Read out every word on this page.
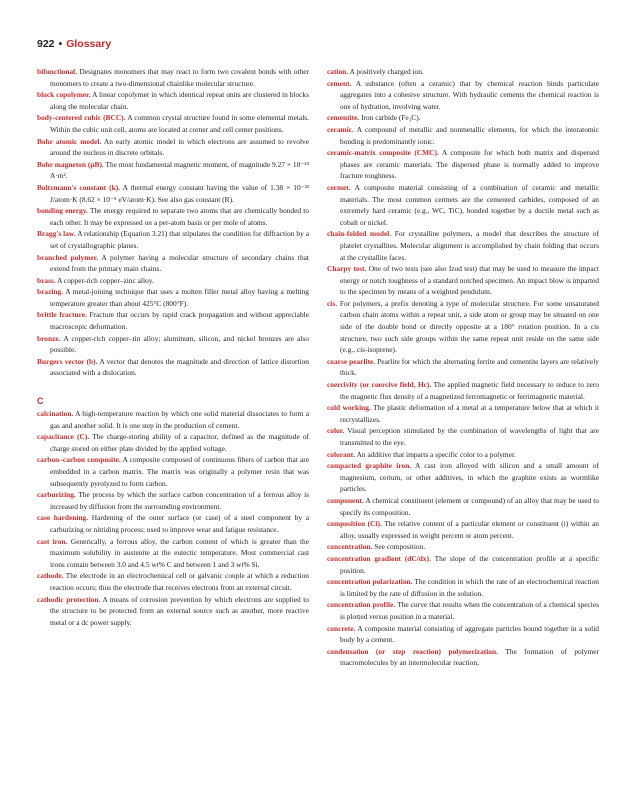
922 • Glossary
bifunctional. Designates monomers that may react to form two covalent bonds with other monomers to create a two-dimensional chainlike molecular structure.
block copolymer. A linear copolymer in which identical repeat units are clustered in blocks along the molecular chain.
body-centered cubic (BCC). A common crystal structure found in some elemental metals. Within the cubic unit cell, atoms are located at corner and cell center positions.
Bohr atomic model. An early atomic model in which electrons are assumed to revolve around the nucleus in discrete orbitals.
Bohr magneton (μB). The most fundamental magnetic moment, of magnitude 9.27 × 10⁻²⁴ A·m².
Boltzmann's constant (k). A thermal energy constant having the value of 1.38 × 10⁻²³ J/atom·K (8.62 × 10⁻⁵ eV/atom·K). See also gas constant (R).
bonding energy. The energy required to separate two atoms that are chemically bonded to each other. It may be expressed on a per-atom basis or per mole of atoms.
Bragg's law. A relationship (Equation 3.21) that stipulates the condition for diffraction by a set of crystallographic planes.
branched polymer. A polymer having a molecular structure of secondary chains that extend from the primary main chains.
brass. A copper-rich copper–zinc alloy.
brazing. A metal-joining technique that uses a molten filler metal alloy having a melting temperature greater than about 425°C (800°F).
brittle fracture. Fracture that occurs by rapid crack propagation and without appreciable macroscopic deformation.
bronze. A copper-rich copper–tin alloy; aluminum, silicon, and nickel bronzes are also possible.
Burgers vector (b). A vector that denotes the magnitude and direction of lattice distortion associated with a dislocation.
C
calcination. A high-temperature reaction by which one solid material dissociates to form a gas and another solid. It is one step in the production of cement.
capacitance (C). The charge-storing ability of a capacitor, defined as the magnitude of charge stored on either plate divided by the applied voltage.
carbon–carbon composite. A composite composed of continuous fibers of carbon that are embedded in a carbon matrix. The matrix was originally a polymer resin that was subsequently pyrolyzed to form carbon.
carburizing. The process by which the surface carbon concentration of a ferrous alloy is increased by diffusion from the surrounding environment.
case hardening. Hardening of the outer surface (or case) of a steel component by a carburizing or nitriding process; used to improve wear and fatigue resistance.
cast iron. Generically, a ferrous alloy, the carbon content of which is greater than the maximum solubility in austenite at the eutectic temperature. Most commercial cast irons contain between 3.0 and 4.5 wt% C and between 1 and 3 wt% Si.
cathode. The electrode in an electrochemical cell or galvanic couple at which a reduction reaction occurs; thus the electrode that receives electrons from an external circuit.
cathodic protection. A means of corrosion prevention by which electrons are supplied to the structure to be protected from an external source such as another, more reactive metal or a dc power supply.
cation. A positively charged ion.
cement. A substance (often a ceramic) that by chemical reaction binds particulate aggregates into a cohesive structure. With hydraulic cements the chemical reaction is one of hydration, involving water.
cementite. Iron carbide (Fe₃C).
ceramic. A compound of metallic and nonmetallic elements, for which the interatomic bonding is predominantly ionic.
ceramic-matrix composite (CMC). A composite for which both matrix and dispersed phases are ceramic materials. The dispersed phase is normally added to improve fracture toughness.
cermet. A composite material consisting of a combination of ceramic and metallic materials. The most common cermets are the cemented carbides, composed of an extremely hard ceramic (e.g., WC, TiC), bonded together by a ductile metal such as cobalt or nickel.
chain-folded model. For crystalline polymers, a model that describes the structure of platelet crystallites. Molecular alignment is accomplished by chain folding that occurs at the crystallite faces.
Charpy test. One of two tests (see also Izod test) that may be used to measure the impact energy or notch toughness of a standard notched specimen. An impact blow is imparted to the specimen by means of a weighted pendulum.
cis. For polymers, a prefix denoting a type of molecular structure. For some unsaturated carbon chain atoms within a repeat unit, a side atom or group may be situated on one side of the double bond or directly opposite at a 180° rotation position. In a cis structure, two such side groups within the same repeat unit reside on the same side (e.g., cis-isoprene).
coarse pearlite. Pearlite for which the alternating ferrite and cementite layers are relatively thick.
coercivity (or coercive field, Hc). The applied magnetic field necessary to reduce to zero the magnetic flux density of a magnetized ferromagnetic or ferrimagnetic material.
cold working. The plastic deformation of a metal at a temperature below that at which it recrystallizes.
color. Visual perception stimulated by the combination of wavelengths of light that are transmitted to the eye.
colorant. An additive that imparts a specific color to a polymer.
compacted graphite iron. A cast iron alloyed with silicon and a small amount of magnesium, cerium, or other additives, in which the graphite exists as wormlike particles.
component. A chemical constituent (element or compound) of an alloy that may be used to specify its composition.
composition (Ci). The relative content of a particular element or constituent (i) within an alloy, usually expressed in weight percent or atom percent.
concentration. See composition.
concentration gradient (dC/dx). The slope of the concentration profile at a specific position.
concentration polarization. The condition in which the rate of an electrochemical reaction is limited by the rate of diffusion in the solution.
concentration profile. The curve that results when the concentration of a chemical species is plotted versus position in a material.
concrete. A composite material consisting of aggregate particles bound together in a solid body by a cement.
condensation (or step reaction) polymerization. The formation of polymer macromolecules by an intermolecular reaction,
